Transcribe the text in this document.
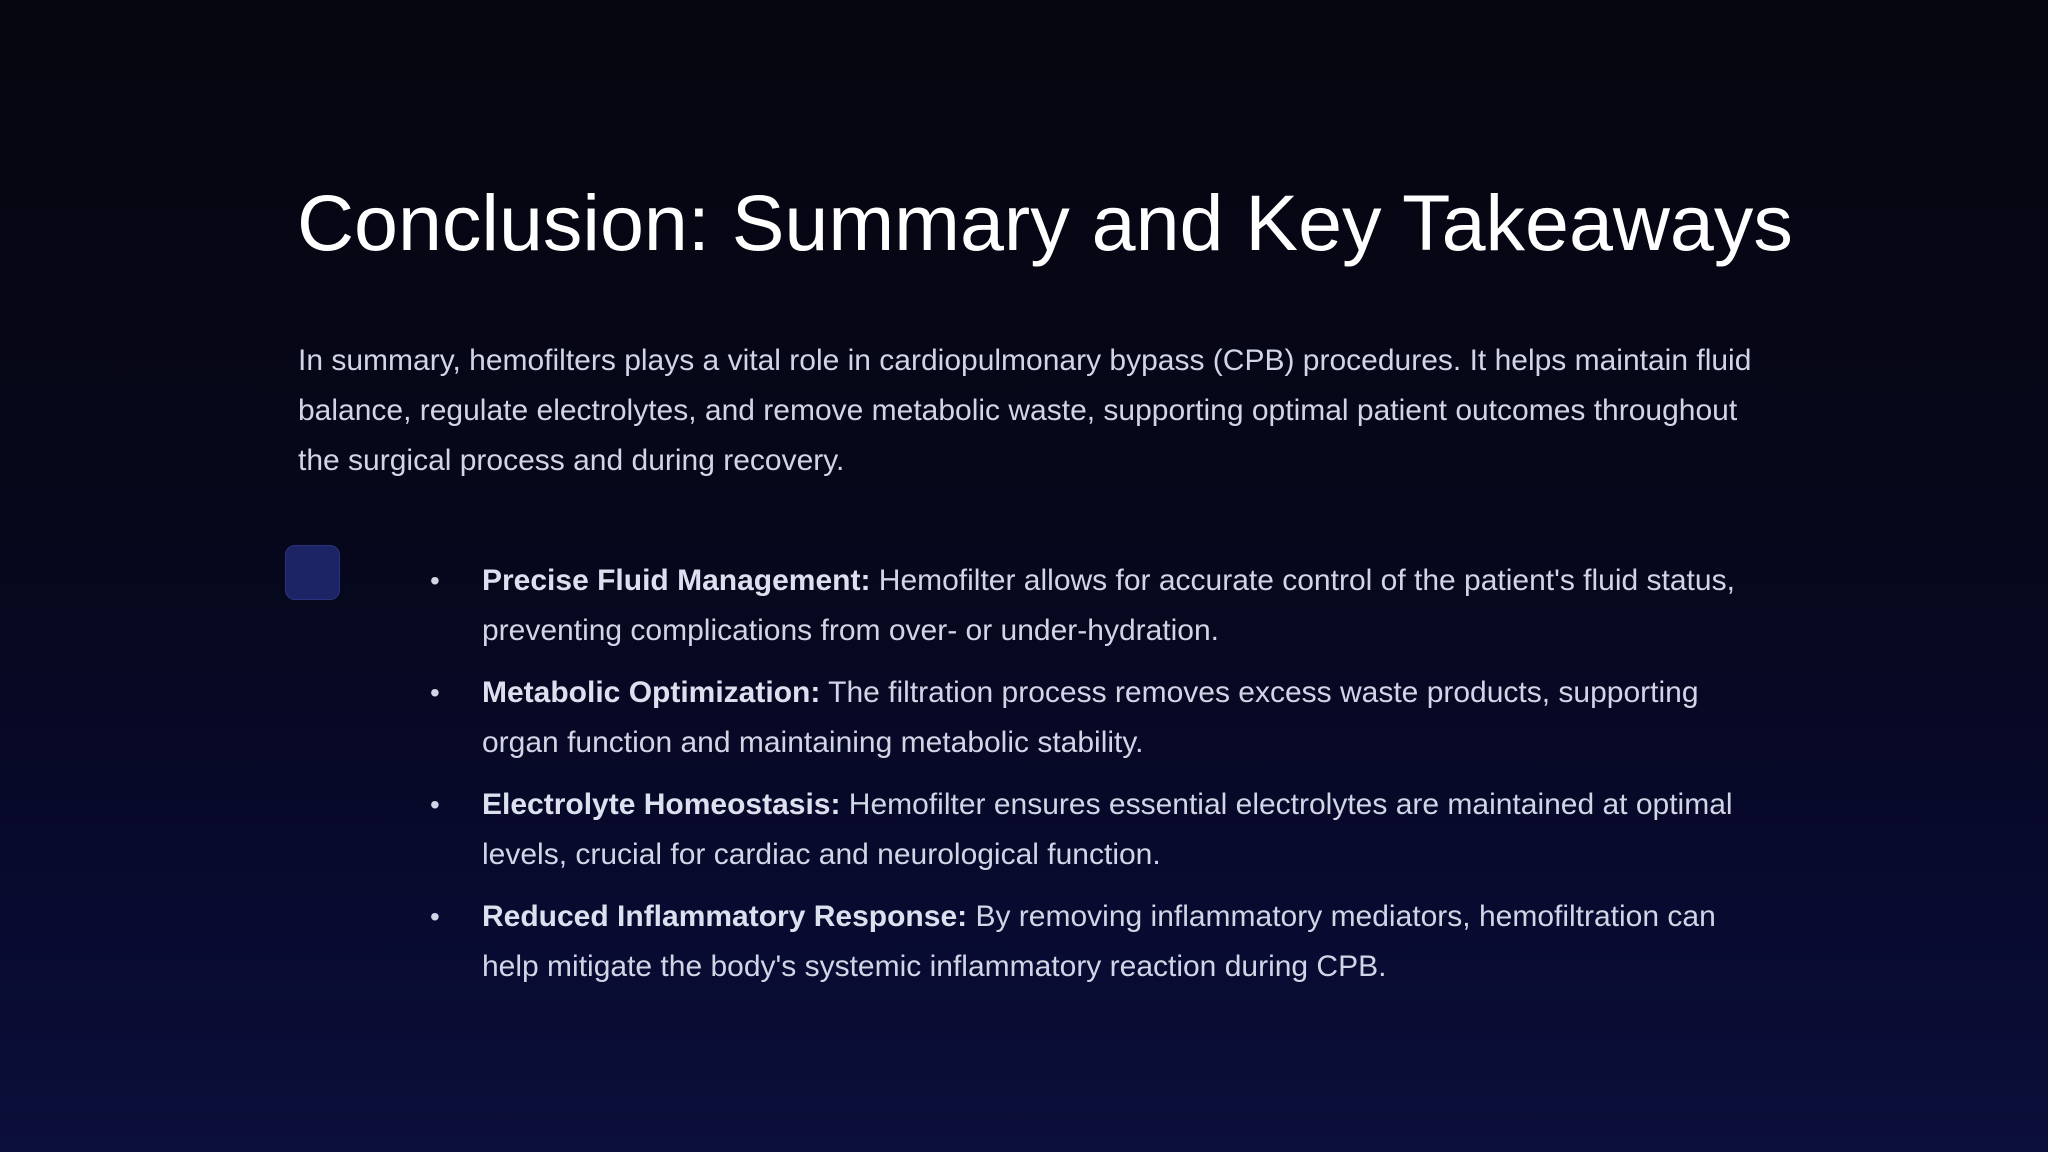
Conclusion: Summary and Key Takeaways

In summary, hemofilters plays a vital role in cardiopulmonary bypass (CPB) procedures. It helps maintain fluid balance, regulate electrolytes, and remove metabolic waste, supporting optimal patient outcomes throughout the surgical process and during recovery.

• Precise Fluid Management: Hemofilter allows for accurate control of the patient's fluid status, preventing complications from over- or under-hydration.
• Metabolic Optimization: The filtration process removes excess waste products, supporting organ function and maintaining metabolic stability.
• Electrolyte Homeostasis: Hemofilter ensures essential electrolytes are maintained at optimal levels, crucial for cardiac and neurological function.
• Reduced Inflammatory Response: By removing inflammatory mediators, hemofiltration can help mitigate the body's systemic inflammatory reaction during CPB.
